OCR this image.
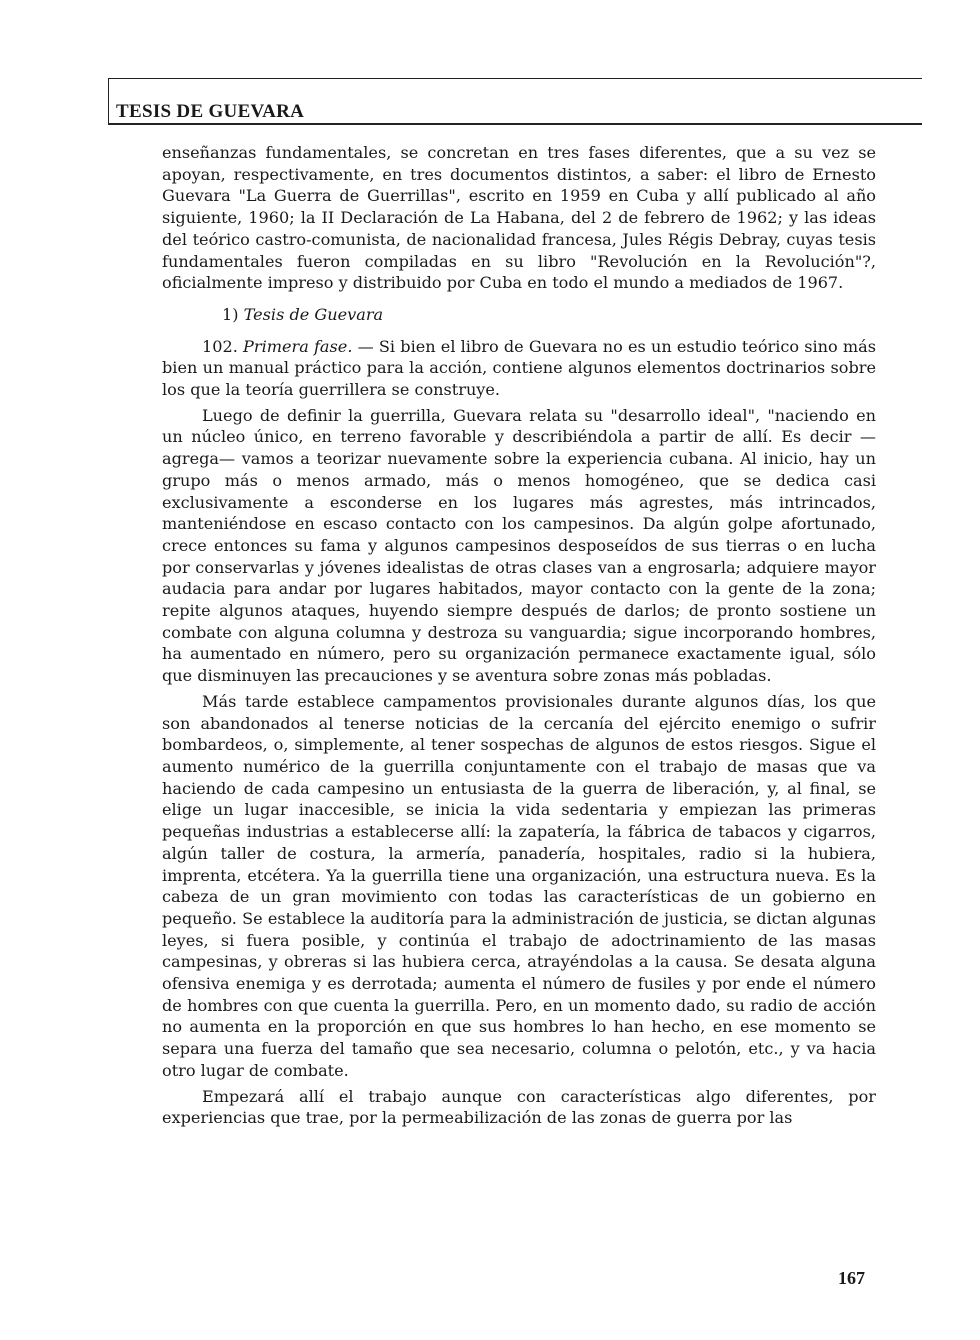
TESIS DE GUEVARA

enseñanzas fundamentales, se concretan en tres fases diferentes, que a su vez se apoyan, respectivamente, en tres documentos distintos, a saber: el libro de Ernesto Guevara "La Guerra de Guerrillas", escrito en 1959 en Cuba y allí publicado al año siguiente, 1960; la II Declaración de La Habana, del 2 de febrero de 1962; y las ideas del teórico castro-comunista, de nacionalidad francesa, Jules Régis Debray, cuyas tesis fundamentales fueron compiladas en su libro "Revolución en la Revolución"?, oficialmente impreso y distribuido por Cuba en todo el mundo a mediados de 1967.

1) Tesis de Guevara

102. Primera fase. — Si bien el libro de Guevara no es un estudio teórico sino más bien un manual práctico para la acción, contiene algunos elementos doctrinarios sobre los que la teoría guerrillera se construye.

Luego de definir la guerrilla, Guevara relata su "desarrollo ideal", "naciendo en un núcleo único, en terreno favorable y describiéndola a partir de allí. Es decir —agrega— vamos a teorizar nuevamente sobre la experiencia cubana. Al inicio, hay un grupo más o menos armado, más o menos homogéneo, que se dedica casi exclusivamente a esconderse en los lugares más agrestes, más intrincados, manteniéndose en escaso contacto con los campesinos. Da algún golpe afortunado, crece entonces su fama y algunos campesinos desposeídos de sus tierras o en lucha por conservarlas y jóvenes idealistas de otras clases van a engrosarla; adquiere mayor audacia para andar por lugares habitados, mayor contacto con la gente de la zona; repite algunos ataques, huyendo siempre después de darlos; de pronto sostiene un combate con alguna columna y destroza su vanguardia; sigue incorporando hombres, ha aumentado en número, pero su organización permanece exactamente igual, sólo que disminuyen las precauciones y se aventura sobre zonas más pobladas.

Más tarde establece campamentos provisionales durante algunos días, los que son abandonados al tenerse noticias de la cercanía del ejército enemigo o sufrir bombardeos, o, simplemente, al tener sospechas de algunos de estos riesgos. Sigue el aumento numérico de la guerrilla conjuntamente con el trabajo de masas que va haciendo de cada campesino un entusiasta de la guerra de liberación, y, al final, se elige un lugar inaccesible, se inicia la vida sedentaria y empiezan las primeras pequeñas industrias a establecerse allí: la zapatería, la fábrica de tabacos y cigarros, algún taller de costura, la armería, panadería, hospitales, radio si la hubiera, imprenta, etcétera. Ya la guerrilla tiene una organización, una estructura nueva. Es la cabeza de un gran movimiento con todas las características de un gobierno en pequeño. Se establece la auditoría para la administración de justicia, se dictan algunas leyes, si fuera posible, y continúa el trabajo de adoctrinamiento de las masas campesinas, y obreras si las hubiera cerca, atrayéndolas a la causa. Se desata alguna ofensiva enemiga y es derrotada; aumenta el número de fusiles y por ende el número de hombres con que cuenta la guerrilla. Pero, en un momento dado, su radio de acción no aumenta en la proporción en que sus hombres lo han hecho, en ese momento se separa una fuerza del tamaño que sea necesario, columna o pelotón, etc., y va hacia otro lugar de combate.

Empezará allí el trabajo aunque con características algo diferentes, por experiencias que trae, por la permeabilización de las zonas de guerra por las

167
